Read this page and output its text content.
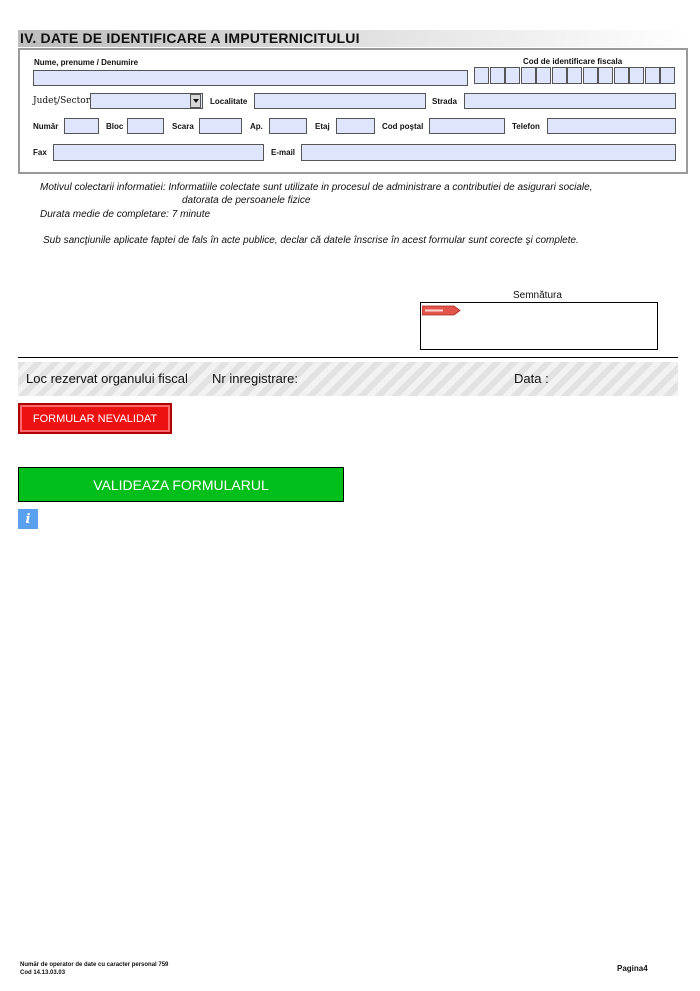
IV. DATE DE IDENTIFICARE A IMPUTERNICITULUI
Nume, prenume / Denumire	Cod de identificare fiscala
Judeţ/Sector	Localitate	Strada
Număr	Bloc	Scara	Ap.	Etaj	Cod poştal	Telefon
Fax	E-mail
Motivul colectarii informatiei: Informatiile colectate sunt utilizate in procesul de administrare a contributiei de asigurari sociale,
datorata de persoanele fizice
Durata medie de completare: 7 minute
Sub sancţiunile aplicate faptei de fals în acte publice, declar că datele înscrise în acest formular sunt corecte şi complete.
Semnătura
Loc rezervat organului fiscal Nr inregistrare:	Data :
FORMULAR NEVALIDAT
VALIDEAZA FORMULARUL
i
Număr de operator de date cu caracter personal 759
Cod 14.13.03.03	Pagina4
